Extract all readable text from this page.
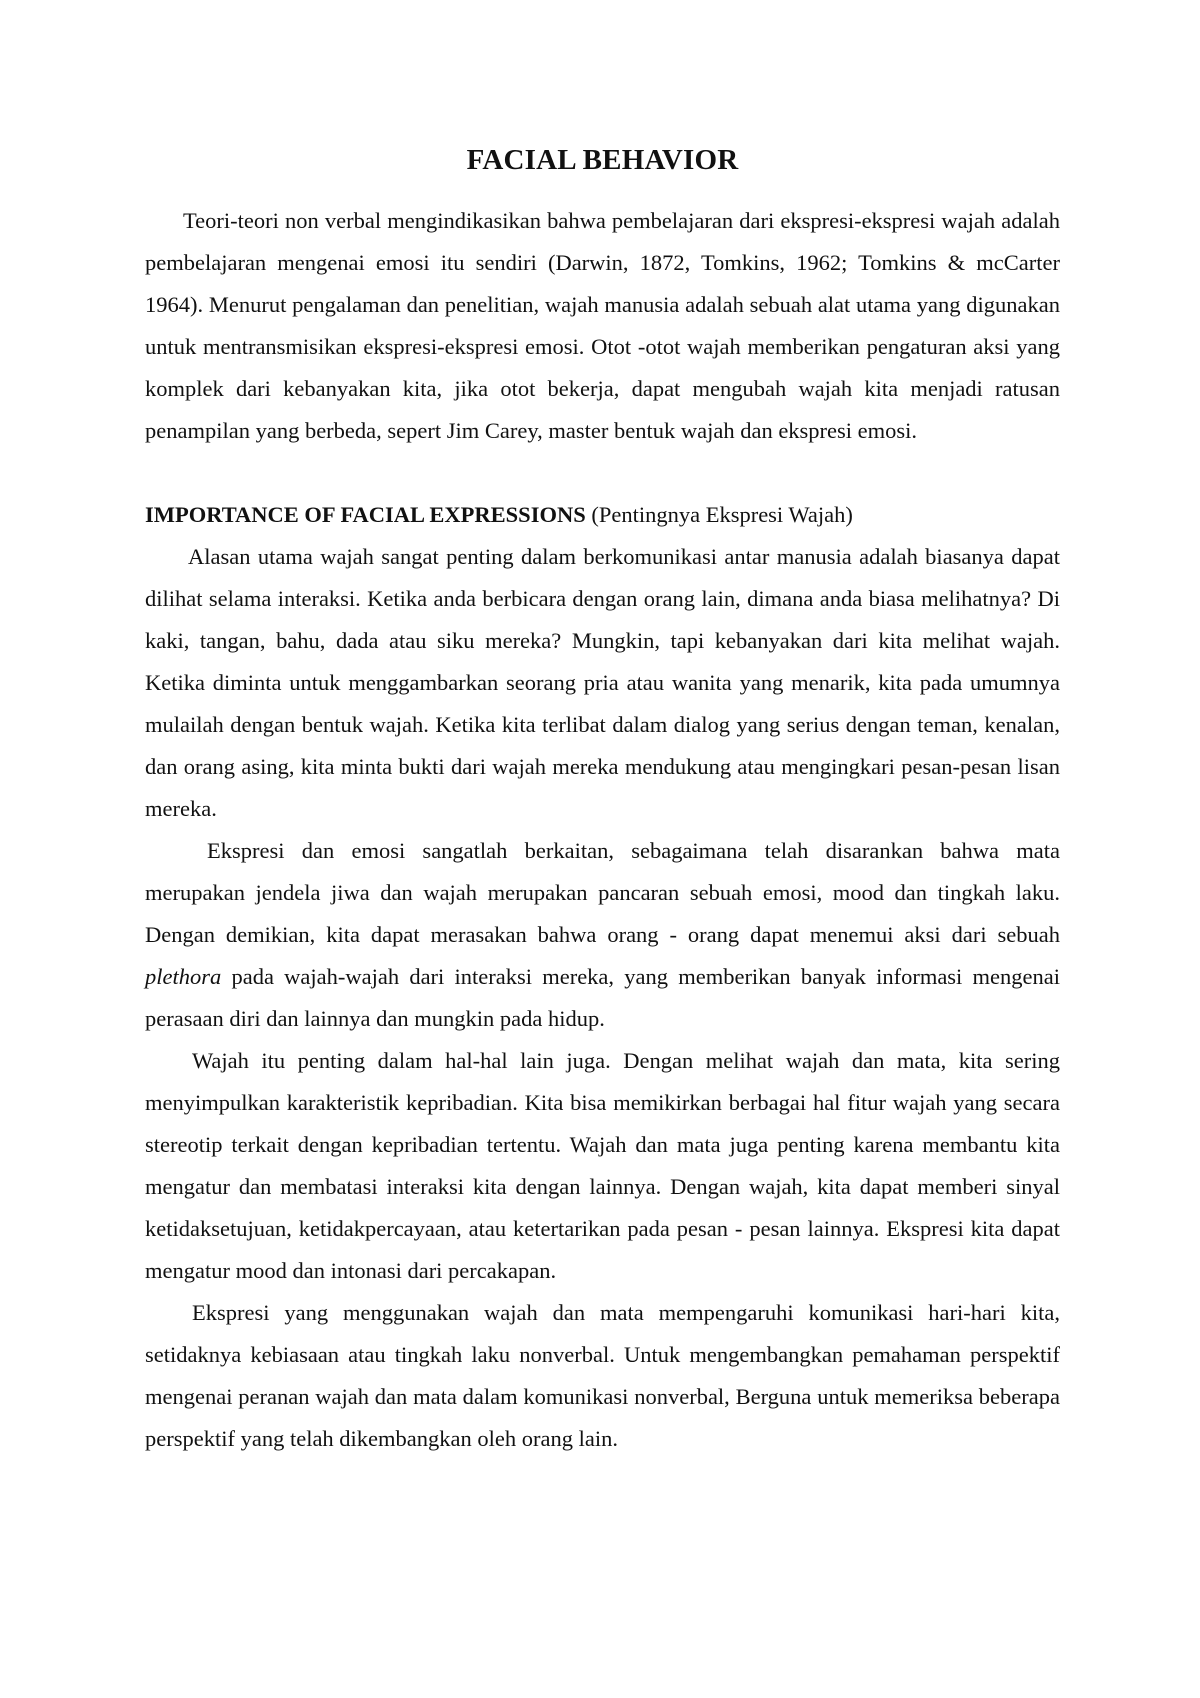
FACIAL BEHAVIOR

Teori-teori non verbal mengindikasikan bahwa pembelajaran dari ekspresi-ekspresi wajah adalah pembelajaran mengenai emosi itu sendiri (Darwin, 1872, Tomkins, 1962; Tomkins & mcCarter 1964). Menurut pengalaman dan penelitian, wajah manusia adalah sebuah alat utama yang digunakan untuk mentransmisikan ekspresi-ekspresi emosi. Otot -otot wajah memberikan pengaturan aksi yang komplek dari kebanyakan kita, jika otot bekerja, dapat mengubah wajah kita menjadi ratusan penampilan yang berbeda, sepert Jim Carey, master bentuk wajah dan ekspresi emosi.

IMPORTANCE OF FACIAL EXPRESSIONS (Pentingnya Ekspresi Wajah)

Alasan utama wajah sangat penting dalam berkomunikasi antar manusia adalah biasanya dapat dilihat selama interaksi. Ketika anda berbicara dengan orang lain, dimana anda biasa melihatnya? Di kaki, tangan, bahu, dada atau siku mereka? Mungkin, tapi kebanyakan dari kita melihat wajah. Ketika diminta untuk menggambarkan seorang pria atau wanita yang menarik, kita pada umumnya mulailah dengan bentuk wajah. Ketika kita terlibat dalam dialog yang serius dengan teman, kenalan, dan orang asing, kita minta bukti dari wajah mereka mendukung atau mengingkari pesan-pesan lisan mereka.

Ekspresi dan emosi sangatlah berkaitan, sebagaimana telah disarankan bahwa mata merupakan jendela jiwa dan wajah merupakan pancaran sebuah emosi, mood dan tingkah laku. Dengan demikian, kita dapat merasakan bahwa orang - orang dapat menemui aksi dari sebuah plethora pada wajah-wajah dari interaksi mereka, yang memberikan banyak informasi mengenai perasaan diri dan lainnya dan mungkin pada hidup.

Wajah itu penting dalam hal-hal lain juga. Dengan melihat wajah dan mata, kita sering menyimpulkan karakteristik kepribadian. Kita bisa memikirkan berbagai hal fitur wajah yang secara stereotip terkait dengan kepribadian tertentu. Wajah dan mata juga penting karena membantu kita mengatur dan membatasi interaksi kita dengan lainnya. Dengan wajah, kita dapat memberi sinyal ketidaksetujuan, ketidakpercayaan, atau ketertarikan pada pesan - pesan lainnya. Ekspresi kita dapat mengatur mood dan intonasi dari percakapan.

Ekspresi yang menggunakan wajah dan mata mempengaruhi komunikasi hari-hari kita, setidaknya kebiasaan atau tingkah laku nonverbal. Untuk mengembangkan pemahaman perspektif mengenai peranan wajah dan mata dalam komunikasi nonverbal, Berguna untuk memeriksa beberapa perspektif yang telah dikembangkan oleh orang lain.
